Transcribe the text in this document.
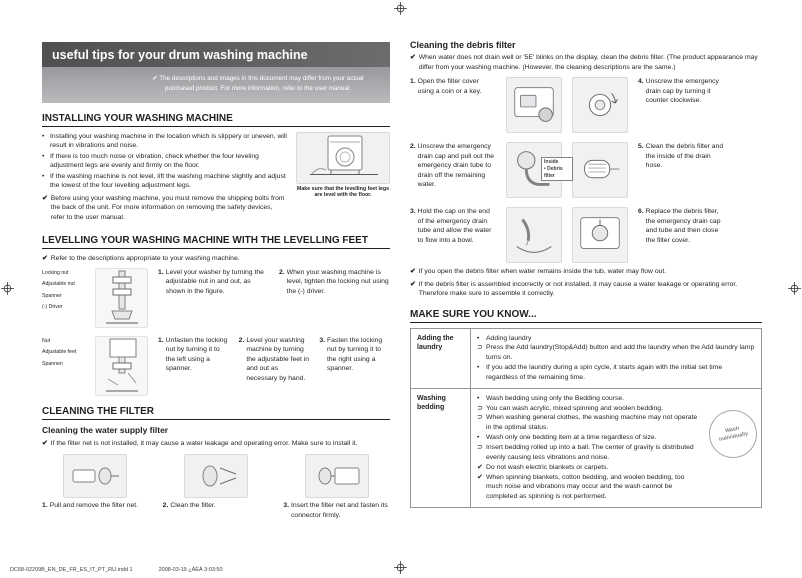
useful tips for your drum washing machine
✔ The descriptions and images in this document may differ from your actual purchased product. For more information, refer to the user manual.
INSTALLING YOUR WASHING MACHINE
• Installing your washing machine in the location which is slippery or uneven, will result in vibrations and noise.
• If there is too much noise or vibration, check whether the four leveling adjustment legs are evenly and firmly on the floor.
• If the washing machine is not level, lift the washing machine slightly and adjust the lowest of the four levelling adjustment legs.
✔ Before using your washing machine, you must remove the shipping bolts from the back of the unit. For more information on removing the safety devices, refer to the user manual.
Make sure that the levelling feet legs are level with the floor.
LEVELLING YOUR WASHING MACHINE WITH THE LEVELLING FEET
✔ Refer to the descriptions appropriate to your washing machine.
Locking nut
Adjustable nut
Spanner
(-) Driver
1. Level your washer by turning the adjustable nut in and out, as shown in the figure.
2. When your washing machine is level, tighten the locking nut using the (-) driver.
Nut
Adjustable feet
Spannen
1. Unfasten the locking nut by turning it to the left using a spanner.
2. Level your washing machine by turning the adjustable feet in and out as necessary by hand.
3. Fasten the locking nut by turning it to the right using a spanner.
CLEANING THE FILTER
Cleaning the water supply filter
✔ If the filter net is not installed, it may cause a water leakage and operating error. Make sure to install it.
1. Pull and remove the filter net.	2. Clean the filter.	3. Insert the filter net and fasten its connector firmly.
Cleaning the debris filter
✔ When water does not drain well or '5E' blinks on the display, clean the debris filter. (The product appearance may differ from your washing machine. (However, the cleaning descriptions are the same.)
1. Open the filter cover using a coin or a key.
4. Unscrew the emergency drain cap by turning it counter clockwise.
2. Unscrew the emergency drain cap and pull out the emergency drain tube to drain off the remaining water.
Inside
• Debris filter
5. Clean the debris filter and the inside of the drain hose.
3. Hold the cap on the end of the emergency drain tube and allow the water to flow into a bowl.
6. Replace the debris filter, the emergency drain cap and tube and then close the filter cover.
✔ If you open the debris filter when water remains inside the tub, water may flow out.
✔ If the debris filter is assembled incorrectly or not installed, it may cause a water leakage or operating error. Therefore make sure to assemble it correctly.
MAKE SURE YOU KNOW...
Adding the laundry	
• Adding laundry
⊃ Press the Add laundry(Stop&Add) button and add the laundry when the Add laundry lamp turns on.
• If you add the laundry during a spin cycle, it starts again with the initial set time regardless of the remaining time.

Washing bedding	
• Wash bedding using only the Bedding course.
⊃ You can wash acrylic, mixed spinning and woolen bedding.
⊃ When washing general clothes, the washing machine may not operate in the optimal status.
• Wash only one bedding item at a time regardless of size.
⊃ Insert bedding rolled up into a ball. The center of gravity is distributed evenly causing less vibrations and noise.
✔ Do not wash electric blankets or carpets.
✔ When spinning blankets, cotton bedding, and woolen bedding, too much noise and vibrations may occur and the wash cannot be completed as spinning is not performed.
Wash individually
DC68-02209B_EN_DE_FR_ES_IT_PT_RU.indd 1	2008-03-19 ¿ÀÈÄ 3:03:50
